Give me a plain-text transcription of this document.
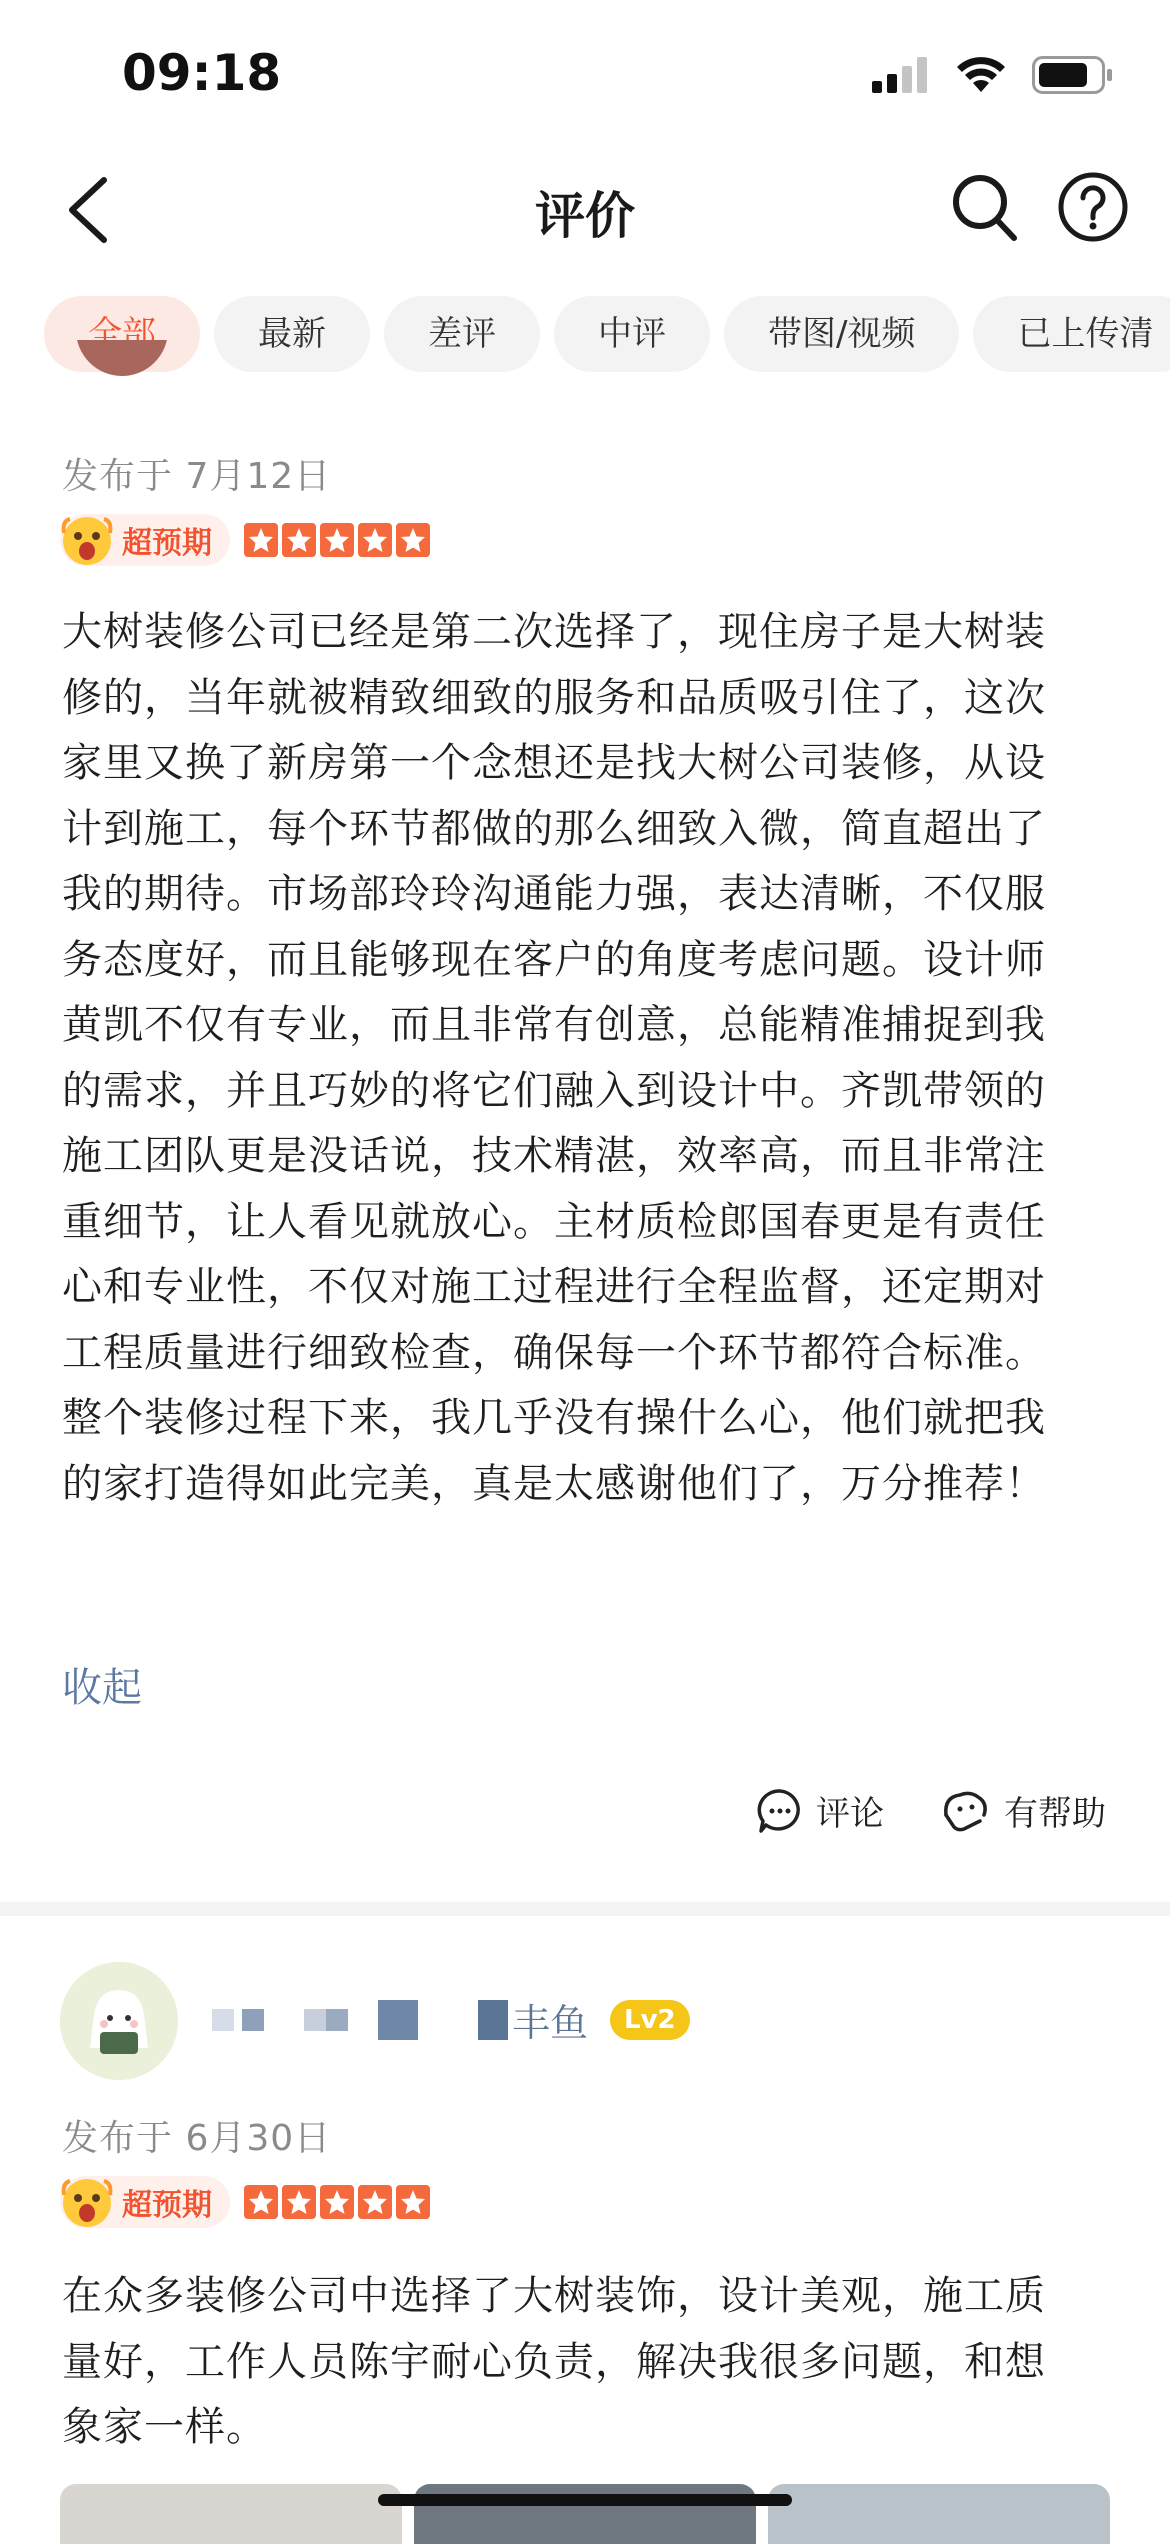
09:18
评价
全部	最新	差评	中评	带图/视频	已上传清
发布于 7月12日
超预期
大树装修公司已经是第二次选择了，现住房子是大树装修的，当年就被精致细致的服务和品质吸引住了，这次家里又换了新房第一个念想还是找大树公司装修，从设计到施工，每个环节都做的那么细致入微，简直超出了我的期待。市场部玲玲沟通能力强，表达清晰，不仅服务态度好，而且能够现在客户的角度考虑问题。设计师黄凯不仅有专业，而且非常有创意，总能精准捕捉到我的需求，并且巧妙的将它们融入到设计中。齐凯带领的施工团队更是没话说，技术精湛，效率高，而且非常注重细节，让人看见就放心。主材质检郎国春更是有责任心和专业性，不仅对施工过程进行全程监督，还定期对工程质量进行细致检查，确保每一个环节都符合标准。整个装修过程下来，我几乎没有操什么心，他们就把我的家打造得如此完美，真是太感谢他们了，万分推荐！
收起
评论	有帮助
丰鱼	Lv2
发布于 6月30日
超预期
在众多装修公司中选择了大树装饰，设计美观，施工质量好，工作人员陈宇耐心负责，解决我很多问题，和想象家一样。
